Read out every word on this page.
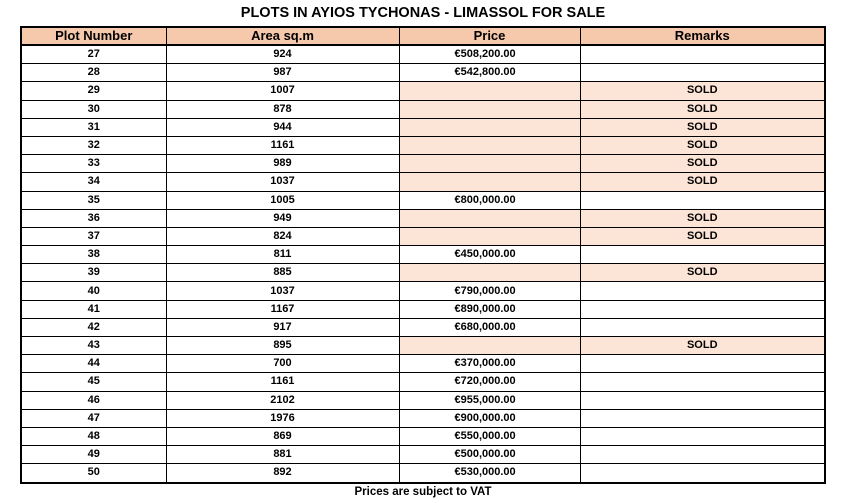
PLOTS IN AYIOS TYCHONAS - LIMASSOL FOR SALE
Plot Number	Area sq.m	Price	Remarks
27	924	€508,200.00	
28	987	€542,800.00	
29	1007		SOLD
30	878		SOLD
31	944		SOLD
32	1161		SOLD
33	989		SOLD
34	1037		SOLD
35	1005	€800,000.00	
36	949		SOLD
37	824		SOLD
38	811	€450,000.00	
39	885		SOLD
40	1037	€790,000.00	
41	1167	€890,000.00	
42	917	€680,000.00	
43	895		SOLD
44	700	€370,000.00	
45	1161	€720,000.00	
46	2102	€955,000.00	
47	1976	€900,000.00	
48	869	€550,000.00	
49	881	€500,000.00	
50	892	€530,000.00	
Prices are subject to VAT
